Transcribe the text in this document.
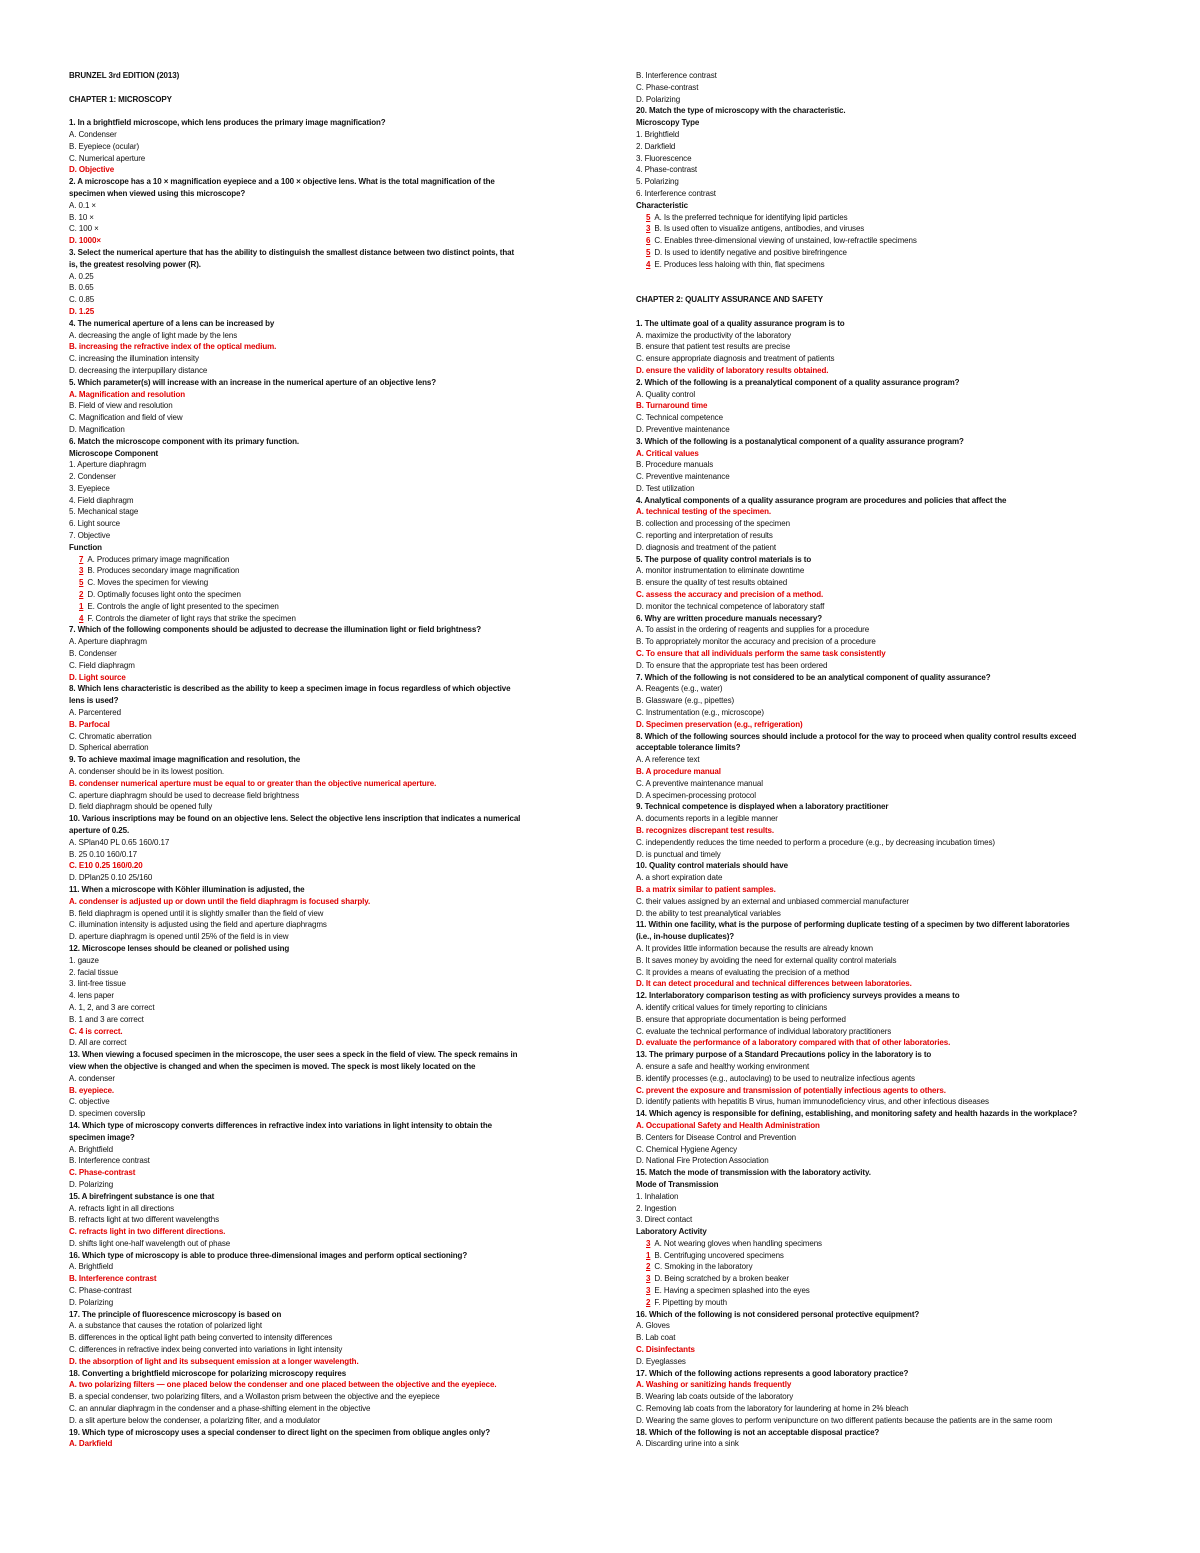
BRUNZEL 3rd EDITION (2013)
CHAPTER 1: MICROSCOPY
1. In a brightfield microscope, which lens produces the primary image magnification?
A. Condenser
B. Eyepiece (ocular)
C. Numerical aperture
D. Objective
2. A microscope has a 10 × magnification eyepiece and a 100 × objective lens. What is the total magnification of the
specimen when viewed using this microscope?
A. 0.1 ×
B. 10 ×
C. 100 ×
D. 1000×
3. Select the numerical aperture that has the ability to distinguish the smallest distance between two distinct points, that
is, the greatest resolving power (R).
A. 0.25
B. 0.65
C. 0.85
D. 1.25
4. The numerical aperture of a lens can be increased by
A. decreasing the angle of light made by the lens
B. increasing the refractive index of the optical medium.
C. increasing the illumination intensity
D. decreasing the interpupillary distance
5. Which parameter(s) will increase with an increase in the numerical aperture of an objective lens?
A. Magnification and resolution
B. Field of view and resolution
C. Magnification and field of view
D. Magnification
6. Match the microscope component with its primary function.
Microscope Component
1. Aperture diaphragm
2. Condenser
3. Eyepiece
4. Field diaphragm
5. Mechanical stage
6. Light source
7. Objective
Function
7 A. Produces primary image magnification
3 B. Produces secondary image magnification
5 C. Moves the specimen for viewing
2 D. Optimally focuses light onto the specimen
1 E. Controls the angle of light presented to the specimen
4 F. Controls the diameter of light rays that strike the specimen
7. Which of the following components should be adjusted to decrease the illumination light or field brightness?
A. Aperture diaphragm
B. Condenser
C. Field diaphragm
D. Light source
8. Which lens characteristic is described as the ability to keep a specimen image in focus regardless of which objective
lens is used?
A. Parcentered
B. Parfocal
C. Chromatic aberration
D. Spherical aberration
9. To achieve maximal image magnification and resolution, the
A. condenser should be in its lowest position.
B. condenser numerical aperture must be equal to or greater than the objective numerical aperture.
C. aperture diaphragm should be used to decrease field brightness
D. field diaphragm should be opened fully
10. Various inscriptions may be found on an objective lens. Select the objective lens inscription that indicates a numerical
aperture of 0.25.
A. SPlan40 PL 0.65 160/0.17
B. 25 0.10 160/0.17
C. E10 0.25 160/0.20
D. DPlan25 0.10 25/160
11. When a microscope with Köhler illumination is adjusted, the
A. condenser is adjusted up or down until the field diaphragm is focused sharply.
B. field diaphragm is opened until it is slightly smaller than the field of view
C. illumination intensity is adjusted using the field and aperture diaphragms
D. aperture diaphragm is opened until 25% of the field is in view
12. Microscope lenses should be cleaned or polished using
1. gauze
2. facial tissue
3. lint-free tissue
4. lens paper
A. 1, 2, and 3 are correct
B. 1 and 3 are correct
C. 4 is correct.
D. All are correct
13. When viewing a focused specimen in the microscope, the user sees a speck in the field of view. The speck remains in
view when the objective is changed and when the specimen is moved. The speck is most likely located on the
A. condenser
B. eyepiece.
C. objective
D. specimen coverslip
14. Which type of microscopy converts differences in refractive index into variations in light intensity to obtain the
specimen image?
A. Brightfield
B. Interference contrast
C. Phase-contrast
D. Polarizing
15. A birefringent substance is one that
A. refracts light in all directions
B. refracts light at two different wavelengths
C. refracts light in two different directions.
D. shifts light one-half wavelength out of phase
16. Which type of microscopy is able to produce three-dimensional images and perform optical sectioning?
A. Brightfield
B. Interference contrast
C. Phase-contrast
D. Polarizing
17. The principle of fluorescence microscopy is based on
A. a substance that causes the rotation of polarized light
B. differences in the optical light path being converted to intensity differences
C. differences in refractive index being converted into variations in light intensity
D. the absorption of light and its subsequent emission at a longer wavelength.
18. Converting a brightfield microscope for polarizing microscopy requires
A. two polarizing filters — one placed below the condenser and one placed between the objective and the eyepiece.
B. a special condenser, two polarizing filters, and a Wollaston prism between the objective and the eyepiece
C. an annular diaphragm in the condenser and a phase-shifting element in the objective
D. a slit aperture below the condenser, a polarizing filter, and a modulator
19. Which type of microscopy uses a special condenser to direct light on the specimen from oblique angles only?
A. Darkfield
B. Interference contrast
C. Phase-contrast
D. Polarizing
20. Match the type of microscopy with the characteristic.
Microscopy Type
1. Brightfield
2. Darkfield
3. Fluorescence
4. Phase-contrast
5. Polarizing
6. Interference contrast
Characteristic
5 A. Is the preferred technique for identifying lipid particles
3 B. Is used often to visualize antigens, antibodies, and viruses
6 C. Enables three-dimensional viewing of unstained, low-refractile specimens
5 D. Is used to identify negative and positive birefringence
4 E. Produces less haloing with thin, flat specimens
CHAPTER 2: QUALITY ASSURANCE AND SAFETY
1. The ultimate goal of a quality assurance program is to
A. maximize the productivity of the laboratory
B. ensure that patient test results are precise
C. ensure appropriate diagnosis and treatment of patients
D. ensure the validity of laboratory results obtained.
2. Which of the following is a preanalytical component of a quality assurance program?
A. Quality control
B. Turnaround time
C. Technical competence
D. Preventive maintenance
3. Which of the following is a postanalytical component of a quality assurance program?
A. Critical values
B. Procedure manuals
C. Preventive maintenance
D. Test utilization
4. Analytical components of a quality assurance program are procedures and policies that affect the
A. technical testing of the specimen.
B. collection and processing of the specimen
C. reporting and interpretation of results
D. diagnosis and treatment of the patient
5. The purpose of quality control materials is to
A. monitor instrumentation to eliminate downtime
B. ensure the quality of test results obtained
C. assess the accuracy and precision of a method.
D. monitor the technical competence of laboratory staff
6. Why are written procedure manuals necessary?
A. To assist in the ordering of reagents and supplies for a procedure
B. To appropriately monitor the accuracy and precision of a procedure
C. To ensure that all individuals perform the same task consistently
D. To ensure that the appropriate test has been ordered
7. Which of the following is not considered to be an analytical component of quality assurance?
A. Reagents (e.g., water)
B. Glassware (e.g., pipettes)
C. Instrumentation (e.g., microscope)
D. Specimen preservation (e.g., refrigeration)
8. Which of the following sources should include a protocol for the way to proceed when quality control results exceed
acceptable tolerance limits?
A. A reference text
B. A procedure manual
C. A preventive maintenance manual
D. A specimen-processing protocol
9. Technical competence is displayed when a laboratory practitioner
A. documents reports in a legible manner
B. recognizes discrepant test results.
C. independently reduces the time needed to perform a procedure (e.g., by decreasing incubation times)
D. is punctual and timely
10. Quality control materials should have
A. a short expiration date
B. a matrix similar to patient samples.
C. their values assigned by an external and unbiased commercial manufacturer
D. the ability to test preanalytical variables
11. Within one facility, what is the purpose of performing duplicate testing of a specimen by two different laboratories
(i.e., in-house duplicates)?
A. It provides little information because the results are already known
B. It saves money by avoiding the need for external quality control materials
C. It provides a means of evaluating the precision of a method
D. It can detect procedural and technical differences between laboratories.
12. Interlaboratory comparison testing as with proficiency surveys provides a means to
A. identify critical values for timely reporting to clinicians
B. ensure that appropriate documentation is being performed
C. evaluate the technical performance of individual laboratory practitioners
D. evaluate the performance of a laboratory compared with that of other laboratories.
13. The primary purpose of a Standard Precautions policy in the laboratory is to
A. ensure a safe and healthy working environment
B. identify processes (e.g., autoclaving) to be used to neutralize infectious agents
C. prevent the exposure and transmission of potentially infectious agents to others.
D. identify patients with hepatitis B virus, human immunodeficiency virus, and other infectious diseases
14. Which agency is responsible for defining, establishing, and monitoring safety and health hazards in the workplace?
A. Occupational Safety and Health Administration
B. Centers for Disease Control and Prevention
C. Chemical Hygiene Agency
D. National Fire Protection Association
15. Match the mode of transmission with the laboratory activity.
Mode of Transmission
1. Inhalation
2. Ingestion
3. Direct contact
Laboratory Activity
3 A. Not wearing gloves when handling specimens
1 B. Centrifuging uncovered specimens
2 C. Smoking in the laboratory
3 D. Being scratched by a broken beaker
3 E. Having a specimen splashed into the eyes
2 F. Pipetting by mouth
16. Which of the following is not considered personal protective equipment?
A. Gloves
B. Lab coat
C. Disinfectants
D. Eyeglasses
17. Which of the following actions represents a good laboratory practice?
A. Washing or sanitizing hands frequently
B. Wearing lab coats outside of the laboratory
C. Removing lab coats from the laboratory for laundering at home in 2% bleach
D. Wearing the same gloves to perform venipuncture on two different patients because the patients are in the same room
18. Which of the following is not an acceptable disposal practice?
A. Discarding urine into a sink
